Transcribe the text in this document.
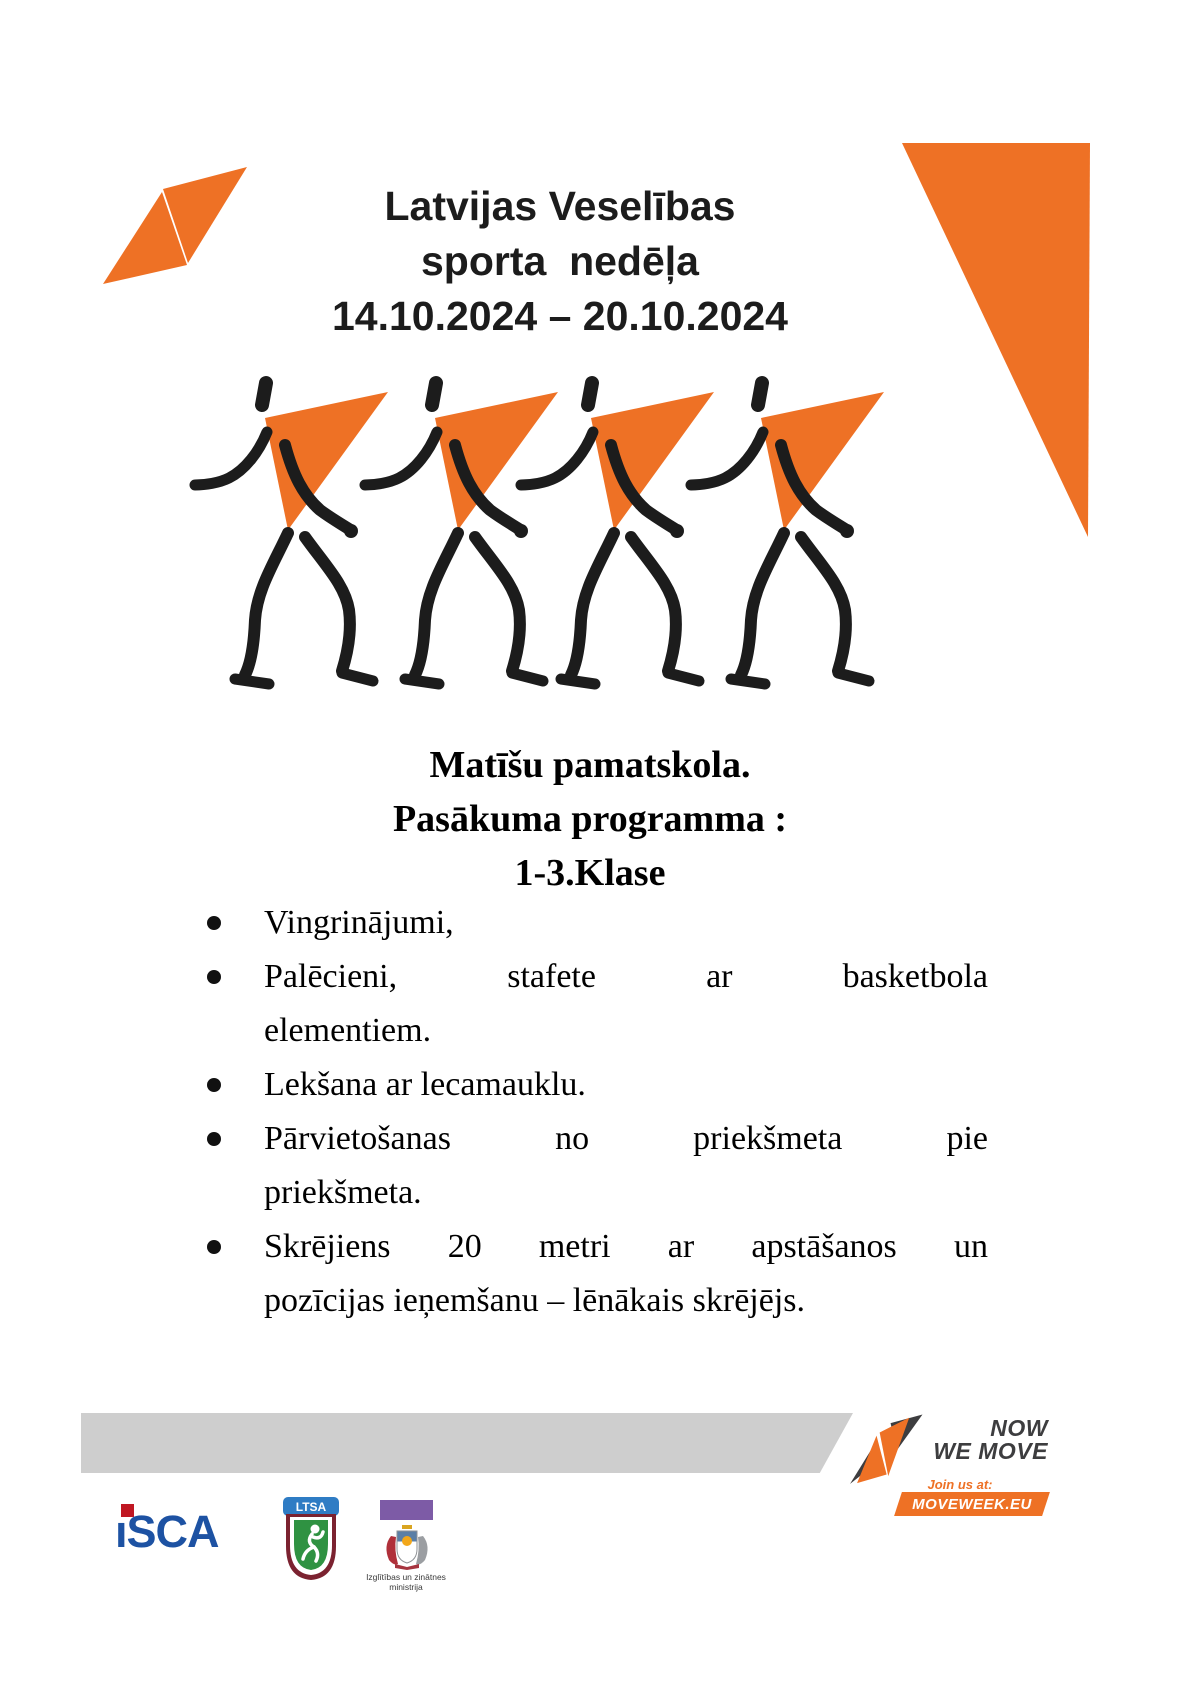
Latvijas Veselības
sporta  nedēļa
14.10.2024 – 20.10.2024
Matīšu pamatskola.
Pasākuma programma :
1-3.Klase
Vingrinājumi,
Palēcieni,	stafete	ar	basketbola
elementiem.
Lekšana ar lecamauklu.
Pārvietošanas	no	priekšmeta	pie
priekšmeta.
Skrējiens 20 metri ar apstāšanos un
pozīcijas ieņemšanu – lēnākais skrējējs.
NOW
WE MOVE
Join us at:
MOVEWEEK.EU
ıSCA	LTSA
Izglītības un zinātnes
ministrija
